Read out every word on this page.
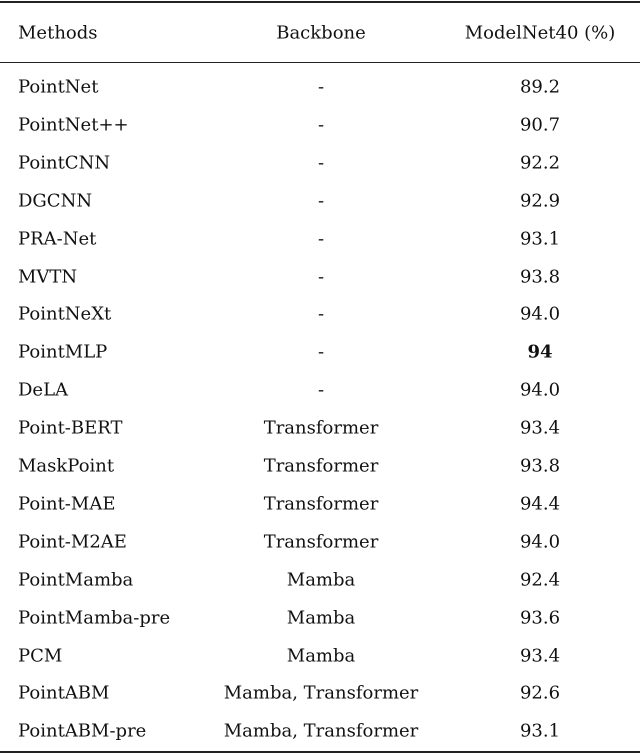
Methods	Backbone	ModelNet40 (%)
PointNet	-	89.2
PointNet++	-	90.7
PointCNN	-	92.2
DGCNN	-	92.9
PRA-Net	-	93.1
MVTN	-	93.8
PointNeXt	-	94.0
PointMLP	-	94
DeLA	-	94.0
Point-BERT	Transformer	93.4
MaskPoint	Transformer	93.8
Point-MAE	Transformer	94.4
Point-M2AE	Transformer	94.0
PointMamba	Mamba	92.4
PointMamba-pre	Mamba	93.6
PCM	Mamba	93.4
PointABM	Mamba, Transformer	92.6
PointABM-pre	Mamba, Transformer	93.1
